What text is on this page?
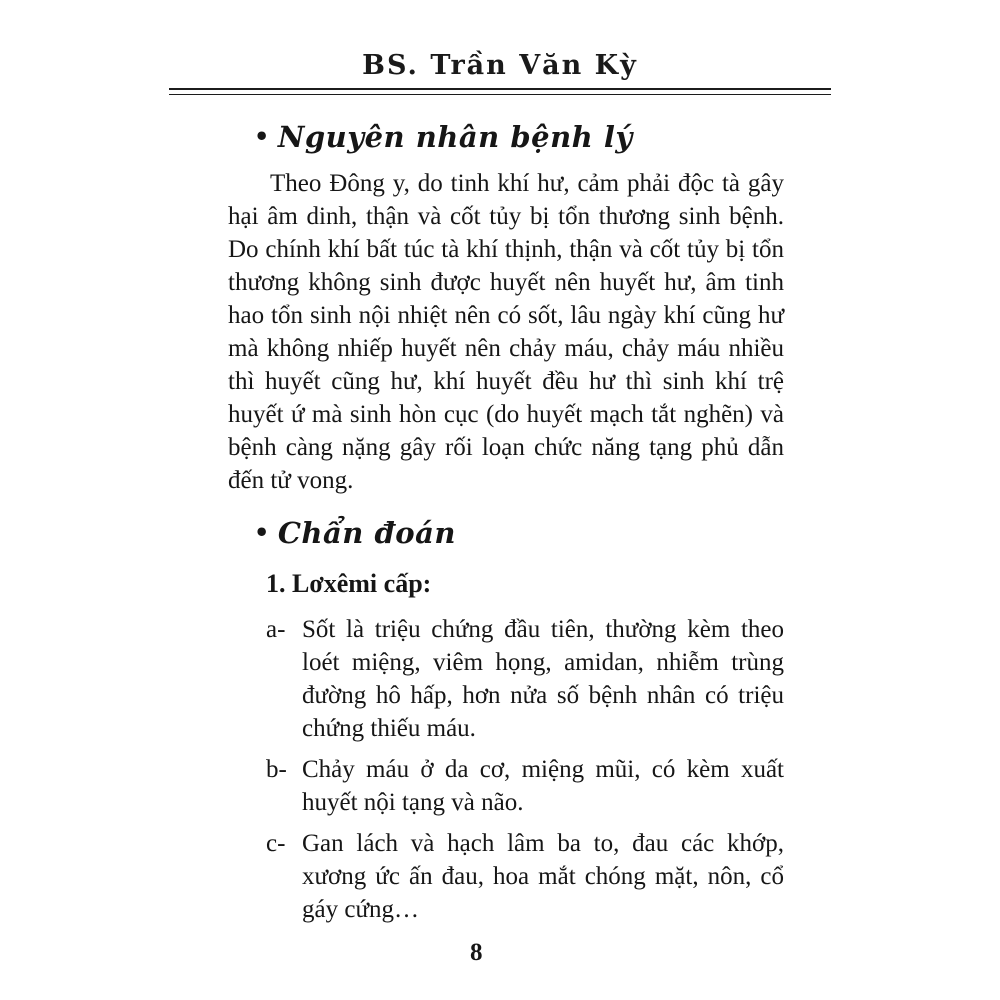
BS. Trần Văn Kỳ
• Nguyên nhân bệnh lý

Theo Đông y, do tinh khí hư, cảm phải độc tà gây hại âm dinh, thận và cốt tủy bị tổn thương sinh bệnh. Do chính khí bất túc tà khí thịnh, thận và cốt tủy bị tổn thương không sinh được huyết nên huyết hư, âm tinh hao tổn sinh nội nhiệt nên có sốt, lâu ngày khí cũng hư mà không nhiếp huyết nên chảy máu, chảy máu nhiều thì huyết cũng hư, khí huyết đều hư thì sinh khí trệ huyết ứ mà sinh hòn cục (do huyết mạch tắt nghẽn) và bệnh càng nặng gây rối loạn chức năng tạng phủ dẫn đến tử vong.

• Chẩn đoán
1. Lơxêmi cấp:
a- Sốt là triệu chứng đầu tiên, thường kèm theo loét miệng, viêm họng, amidan, nhiễm trùng đường hô hấp, hơn nửa số bệnh nhân có triệu chứng thiếu máu.
b- Chảy máu ở da cơ, miệng mũi, có kèm xuất huyết nội tạng và não.
c- Gan lách và hạch lâm ba to, đau các khớp, xương ức ấn đau, hoa mắt chóng mặt, nôn, cổ gáy cứng…
8
